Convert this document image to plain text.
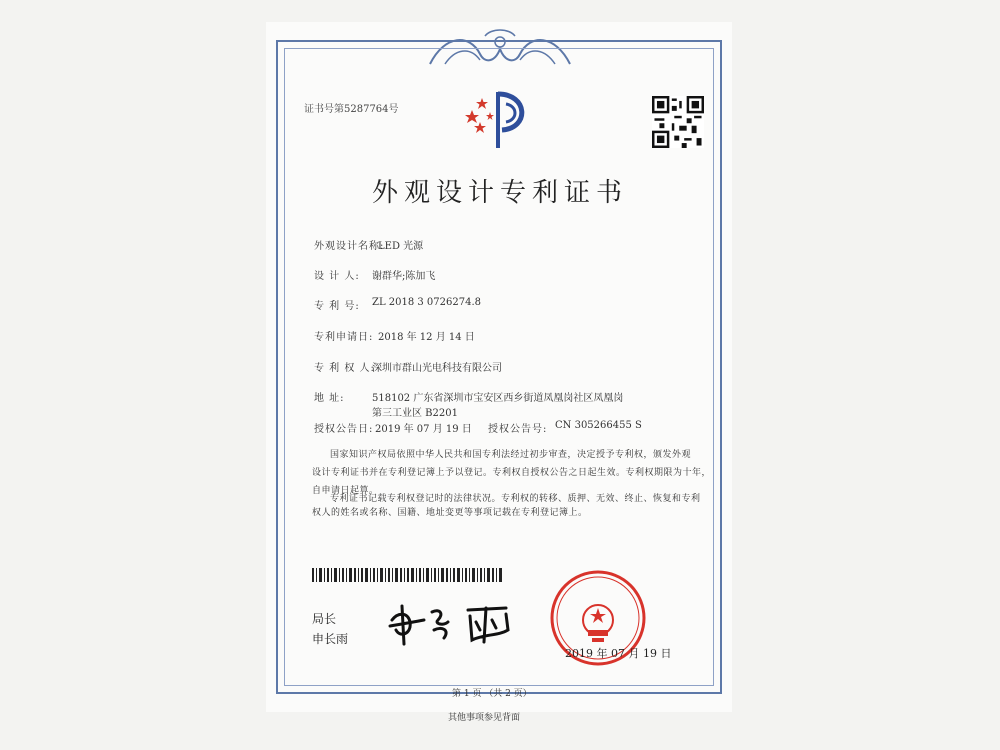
证书号第5287764号
外观设计专利证书
外观设计名称:
LED 光源
设 计 人: 谢群华;陈加飞
专 利 号: ZL 2018 3 0726274.8
专利申请日: 2018 年 12 月 14 日
专 利 权 人:
深圳市群山光电科技有限公司
地 址:	518102 广东省深圳市宝安区西乡街道凤凰岗社区凤凰岗
第三工业区 B2201
授权公告日: 2019 年 07 月 19 日 授权公告号: CN 305266455 S
国家知识产权局依照中华人民共和国专利法经过初步审查，决定授予专利权，颁发外观
设计专利证书并在专利登记簿上予以登记。专利权自授权公告之日起生效。专利权期限为十年，
自申请日起算。
专利证书记载专利权登记时的法律状况。专利权的转移、质押、无效、终止、恢复和专利
权人的姓名或名称、国籍、地址变更等事项记载在专利登记簿上。
局长
申长雨
2019 年 07 月 19 日
第 1 页 （共 2 页）
其他事项参见背面
